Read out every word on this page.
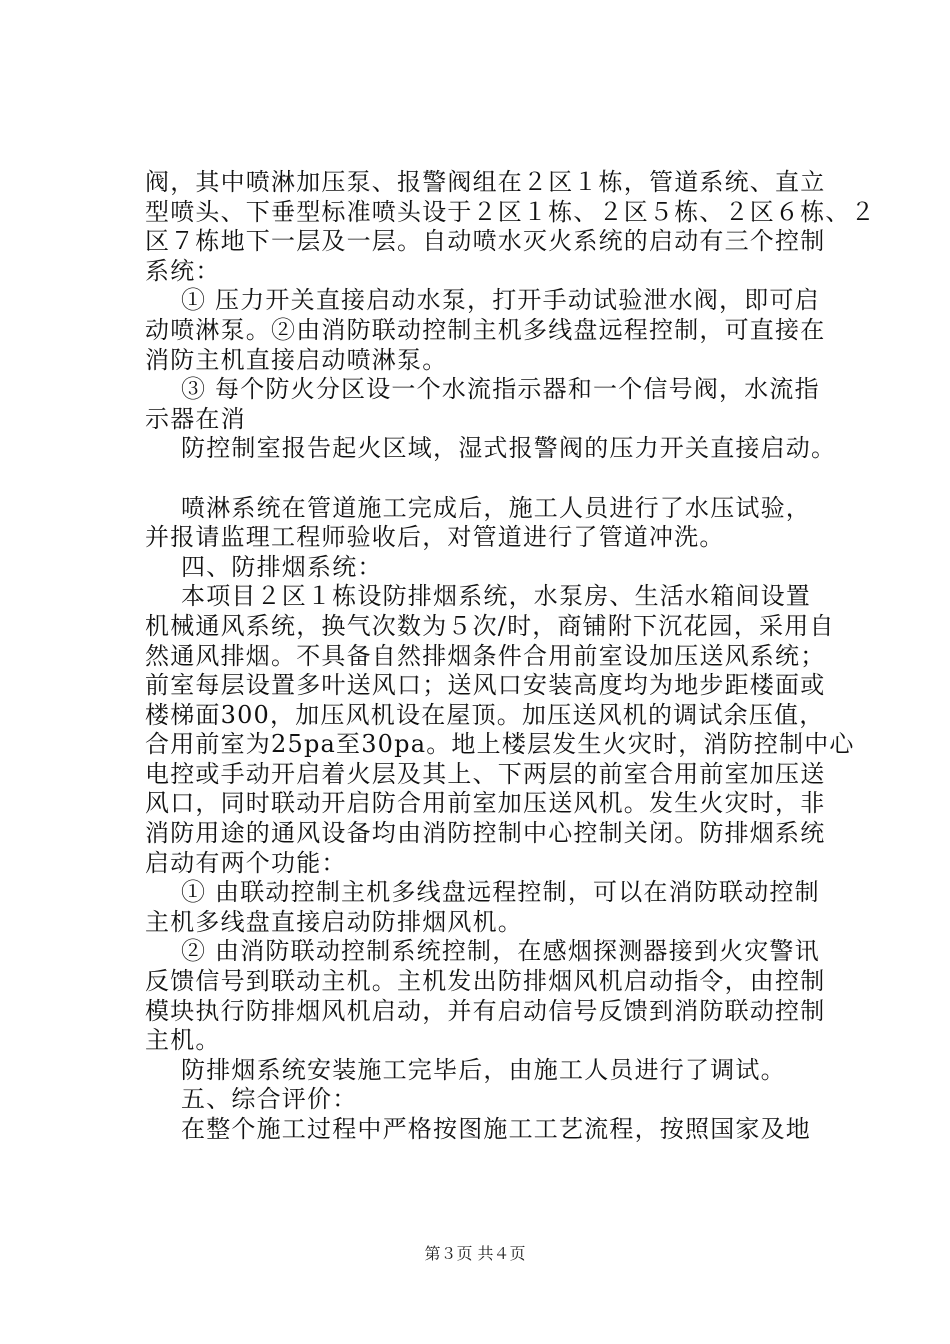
阀，其中喷淋加压泵、报警阀组在２区１栋，管道系统、直立
型喷头、下垂型标准喷头设于２区１栋、２区５栋、２区６栋、２
区７栋地下一层及一层。自动喷水灭火系统的启动有三个控制
系统：
① 压力开关直接启动水泵，打开手动试验泄水阀，即可启
动喷淋泵。②由消防联动控制主机多线盘远程控制，可直接在
消防主机直接启动喷淋泵。
③ 每个防火分区设一个水流指示器和一个信号阀，水流指
示器在消
防控制室报告起火区域，湿式报警阀的压力开关直接启动。
喷淋系统在管道施工完成后，施工人员进行了水压试验，
并报请监理工程师验收后，对管道进行了管道冲洗。
四、防排烟系统：
本项目２区１栋设防排烟系统，水泵房、生活水箱间设置
机械通风系统，换气次数为５次/时，商铺附下沉花园，采用自
然通风排烟。不具备自然排烟条件合用前室设加压送风系统；
前室每层设置多叶送风口；送风口安装高度均为地步距楼面或
楼梯面300，加压风机设在屋顶。加压送风机的调试余压值，
合用前室为25pa至30pa。地上楼层发生火灾时，消防控制中心
电控或手动开启着火层及其上、下两层的前室合用前室加压送
风口，同时联动开启防合用前室加压送风机。发生火灾时，非
消防用途的通风设备均由消防控制中心控制关闭。防排烟系统
启动有两个功能：
① 由联动控制主机多线盘远程控制，可以在消防联动控制
主机多线盘直接启动防排烟风机。
② 由消防联动控制系统控制，在感烟探测器接到火灾警讯
反馈信号到联动主机。主机发出防排烟风机启动指令，由控制
模块执行防排烟风机启动，并有启动信号反馈到消防联动控制
主机。
防排烟系统安装施工完毕后，由施工人员进行了调试。
五、综合评价：
在整个施工过程中严格按图施工工艺流程，按照国家及地
第３页 共４页
